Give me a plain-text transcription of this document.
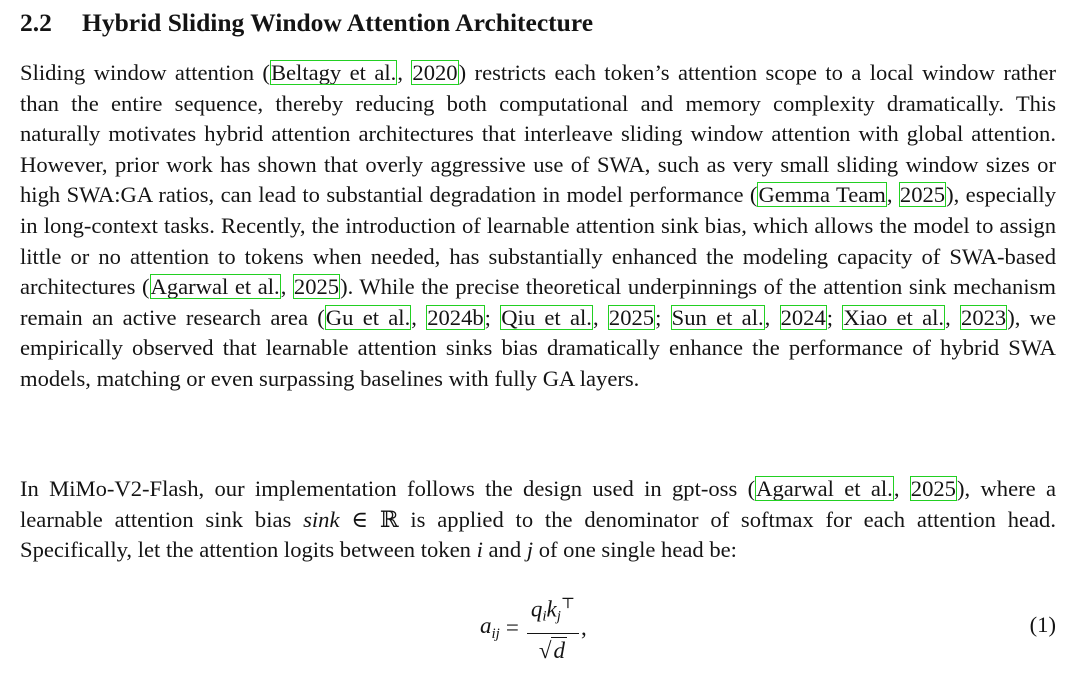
2.2 Hybrid Sliding Window Attention Architecture

Sliding window attention (Beltagy et al., 2020) restricts each token’s attention scope to a local window rather than the entire sequence, thereby reducing both computational and memory complexity dramatically. This naturally motivates hybrid attention architectures that interleave sliding window attention with global attention. However, prior work has shown that overly aggressive use of SWA, such as very small sliding window sizes or high SWA:GA ratios, can lead to substantial degradation in model performance (Gemma Team, 2025), especially in long-context tasks. Recently, the introduction of learnable attention sink bias, which allows the model to assign little or no attention to tokens when needed, has substantially enhanced the modeling capacity of SWA-based architectures (Agarwal et al., 2025). While the precise theoretical underpinnings of the attention sink mechanism remain an active research area (Gu et al., 2024b; Qiu et al., 2025; Sun et al., 2024; Xiao et al., 2023), we empirically observed that learnable attention sinks bias dramatically enhance the performance of hybrid SWA models, matching or even surpassing baselines with fully GA layers.

In MiMo-V2-Flash, our implementation follows the design used in gpt-oss (Agarwal et al., 2025), where a learnable attention sink bias sink ∈ ℝ is applied to the denominator of softmax for each attention head. Specifically, let the attention logits between token i and j of one single head be:

$a_{ij} = \frac{q_ik_j^⊤}{√d}$ ,	(1)
